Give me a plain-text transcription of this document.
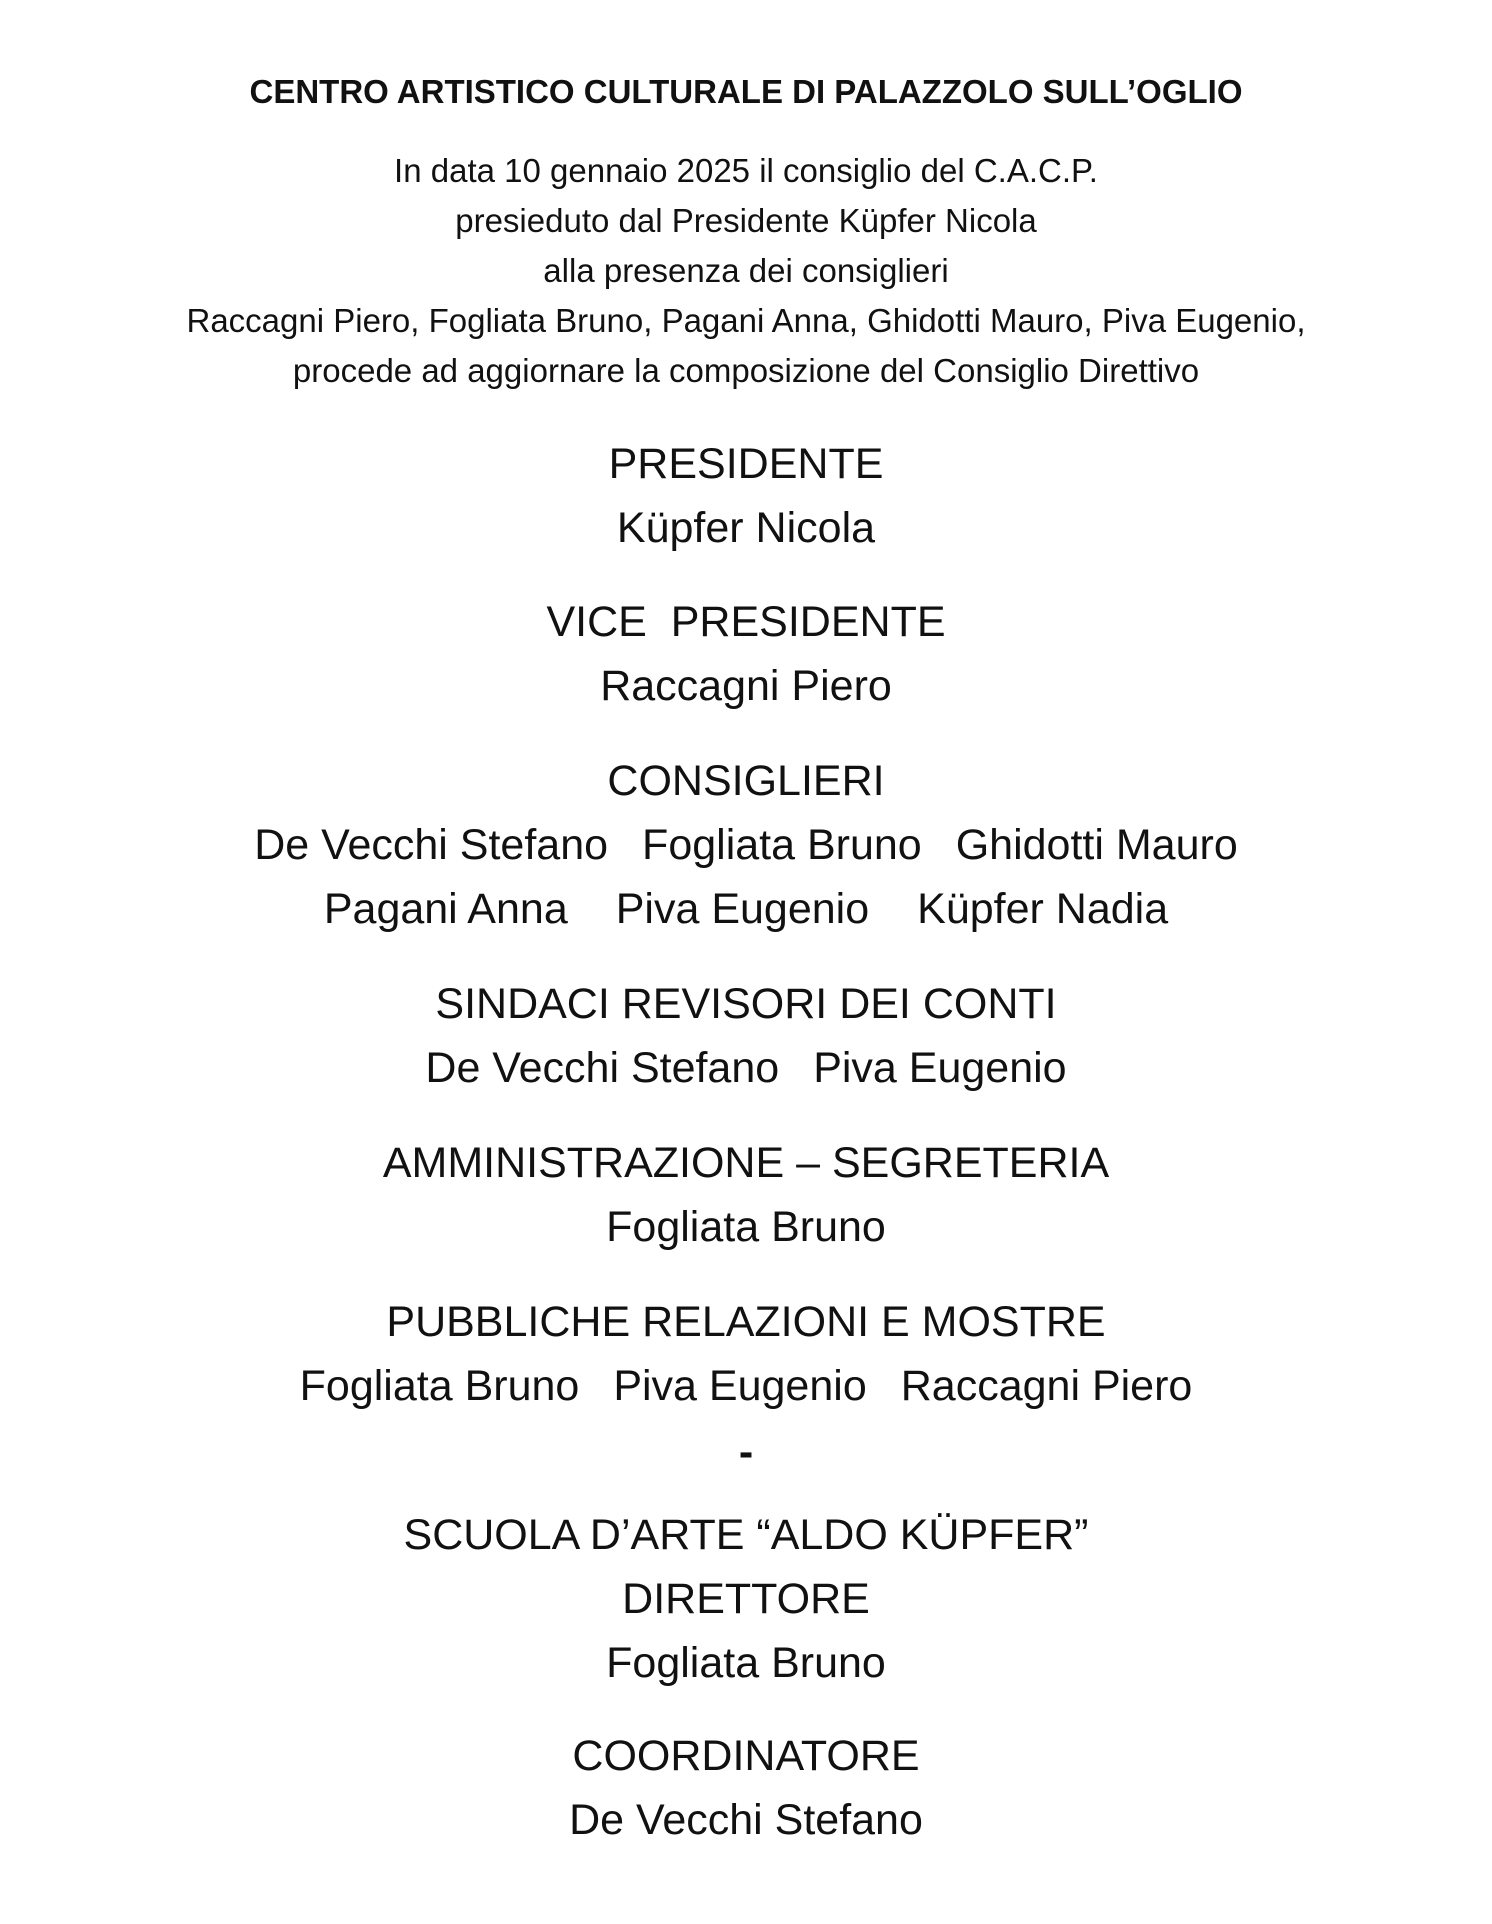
CENTRO ARTISTICO CULTURALE DI PALAZZOLO SULL’OGLIO
In data 10 gennaio 2025 il consiglio del C.A.C.P.
presieduto dal Presidente Küpfer Nicola
alla presenza dei consiglieri
Raccagni Piero, Fogliata Bruno, Pagani Anna, Ghidotti Mauro, Piva Eugenio,
procede ad aggiornare la composizione del Consiglio Direttivo
PRESIDENTE
Küpfer Nicola
VICE  PRESIDENTE
Raccagni Piero
CONSIGLIERI
De Vecchi Stefano Fogliata Bruno Ghidotti Mauro
Pagani Anna Piva Eugenio Küpfer Nadia
SINDACI REVISORI DEI CONTI
De Vecchi Stefano Piva Eugenio
AMMINISTRAZIONE – SEGRETERIA
Fogliata Bruno
PUBBLICHE RELAZIONI E MOSTRE
Fogliata Bruno Piva Eugenio Raccagni Piero
-
SCUOLA D’ARTE “ALDO KÜPFER”
DIRETTORE
Fogliata Bruno
COORDINATORE
De Vecchi Stefano
